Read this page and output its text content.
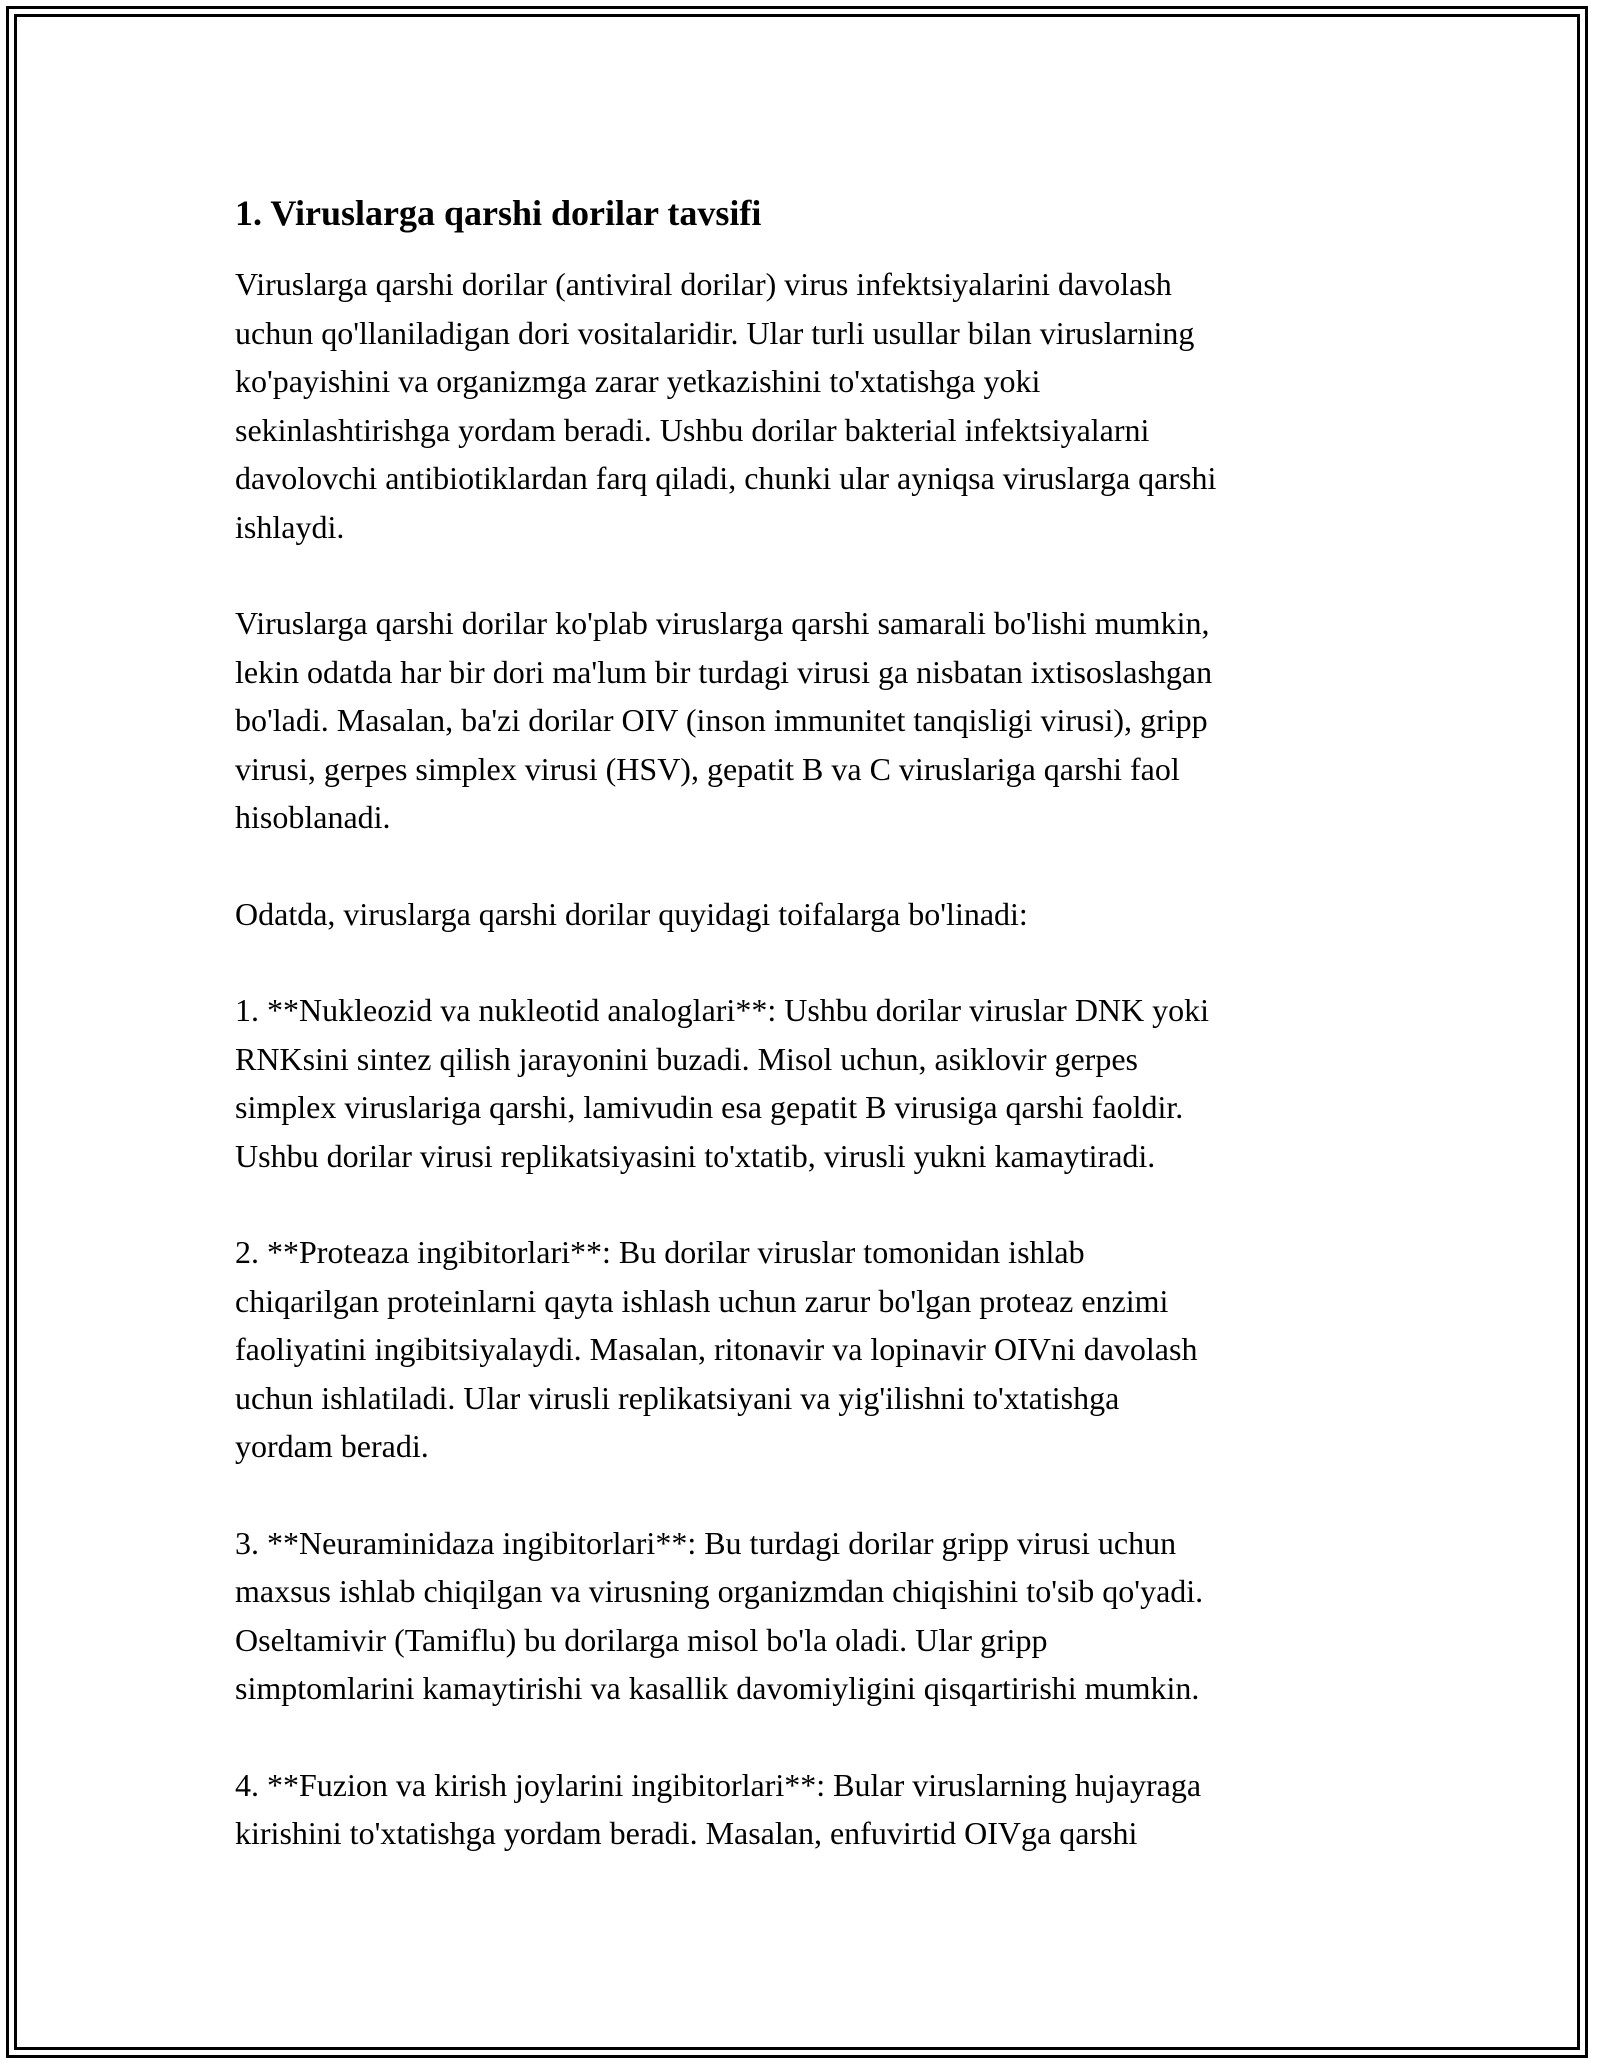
1. Viruslarga qarshi dorilar tavsifi

Viruslarga qarshi dorilar (antiviral dorilar) virus infektsiyalarini davolash
uchun qo'llaniladigan dori vositalaridir. Ular turli usullar bilan viruslarning
ko'payishini va organizmga zarar yetkazishini to'xtatishga yoki
sekinlashtirishga yordam beradi. Ushbu dorilar bakterial infektsiyalarni
davolovchi antibiotiklardan farq qiladi, chunki ular ayniqsa viruslarga qarshi
ishlaydi.

Viruslarga qarshi dorilar ko'plab viruslarga qarshi samarali bo'lishi mumkin,
lekin odatda har bir dori ma'lum bir turdagi virusi ga nisbatan ixtisoslashgan
bo'ladi. Masalan, ba'zi dorilar OIV (inson immunitet tanqisligi virusi), gripp
virusi, gerpes simplex virusi (HSV), gepatit B va C viruslariga qarshi faol
hisoblanadi.

Odatda, viruslarga qarshi dorilar quyidagi toifalarga bo'linadi:

1. **Nukleozid va nukleotid analoglari**: Ushbu dorilar viruslar DNK yoki
RNKsini sintez qilish jarayonini buzadi. Misol uchun, asiklovir gerpes
simplex viruslariga qarshi, lamivudin esa gepatit B virusiga qarshi faoldir.
Ushbu dorilar virusi replikatsiyasini to'xtatib, virusli yukni kamaytiradi.

2. **Proteaza ingibitorlari**: Bu dorilar viruslar tomonidan ishlab
chiqarilgan proteinlarni qayta ishlash uchun zarur bo'lgan proteaz enzimi
faoliyatini ingibitsiyalaydi. Masalan, ritonavir va lopinavir OIVni davolash
uchun ishlatiladi. Ular virusli replikatsiyani va yig'ilishni to'xtatishga
yordam beradi.

3. **Neuraminidaza ingibitorlari**: Bu turdagi dorilar gripp virusi uchun
maxsus ishlab chiqilgan va virusning organizmdan chiqishini to'sib qo'yadi.
Oseltamivir (Tamiflu) bu dorilarga misol bo'la oladi. Ular gripp
simptomlarini kamaytirishi va kasallik davomiyligini qisqartirishi mumkin.

4. **Fuzion va kirish joylarini ingibitorlari**: Bular viruslarning hujayraga
kirishini to'xtatishga yordam beradi. Masalan, enfuvirtid OIVga qarshi
